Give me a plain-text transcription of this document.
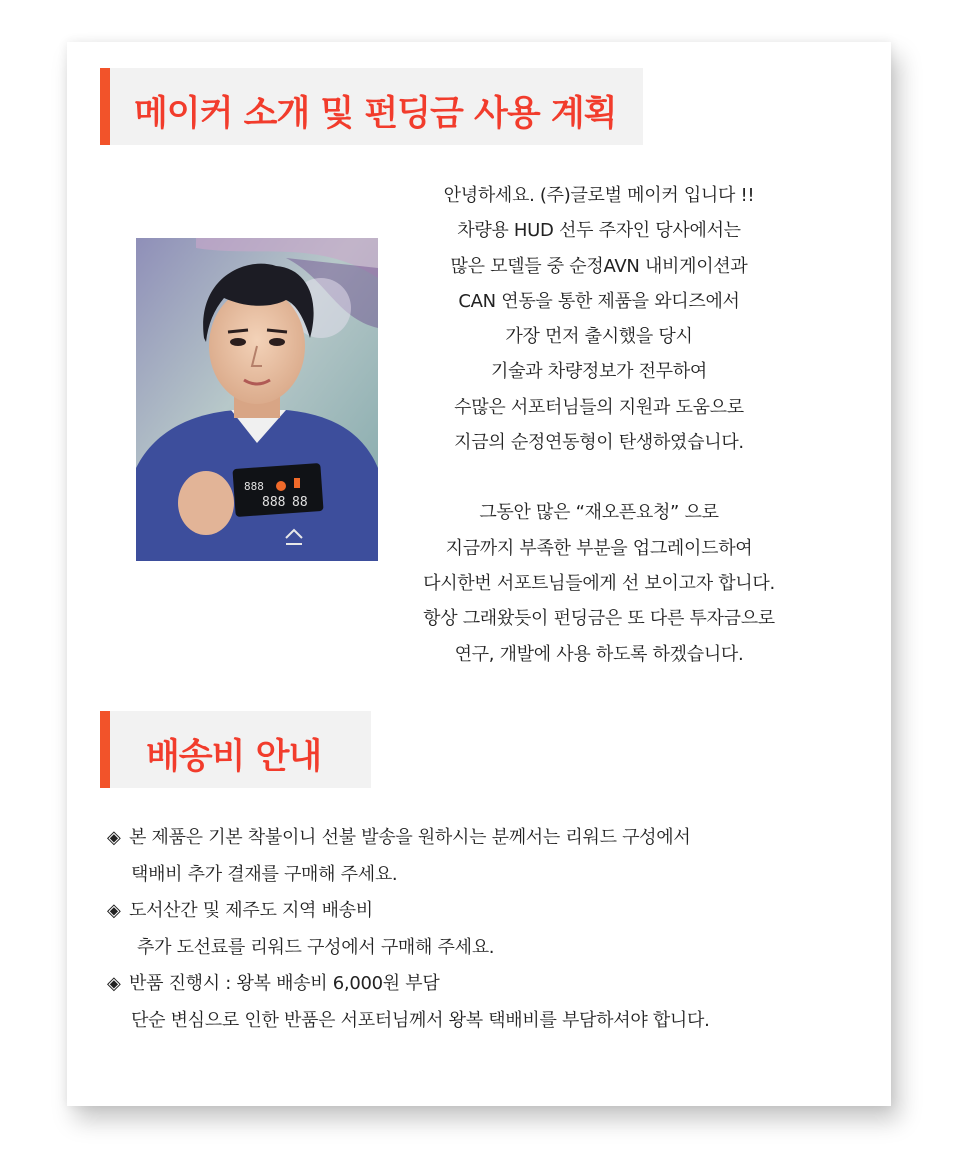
메이커 소개 및 펀딩금 사용 계획
888
888 88
안녕하세요. (주)글로벌 메이커 입니다 !!
차량용 HUD 선두 주자인 당사에서는
많은 모델들 중 순정AVN 내비게이션과
CAN 연동을 통한 제품을 와디즈에서
가장 먼저 출시했을 당시
기술과 차량정보가 전무하여
수많은 서포터님들의 지원과 도움으로
지금의 순정연동형이 탄생하였습니다.
그동안 많은 “재오픈요청” 으로
지금까지 부족한 부분을 업그레이드하여
다시한번 서포트님들에게 선 보이고자 합니다.
항상 그래왔듯이 펀딩금은 또 다른 투자금으로
연구, 개발에 사용 하도록 하겠습니다.
배송비 안내
◈ 본 제품은 기본 착불이니 선불 발송을 원하시는 분께서는 리워드 구성에서
택배비 추가 결재를 구매해 주세요.
◈ 도서산간 및 제주도 지역 배송비
추가 도선료를 리워드 구성에서 구매해 주세요.
◈ 반품 진행시 : 왕복 배송비 6,000원 부담
단순 변심으로 인한 반품은 서포터님께서 왕복 택배비를 부담하셔야 합니다.
